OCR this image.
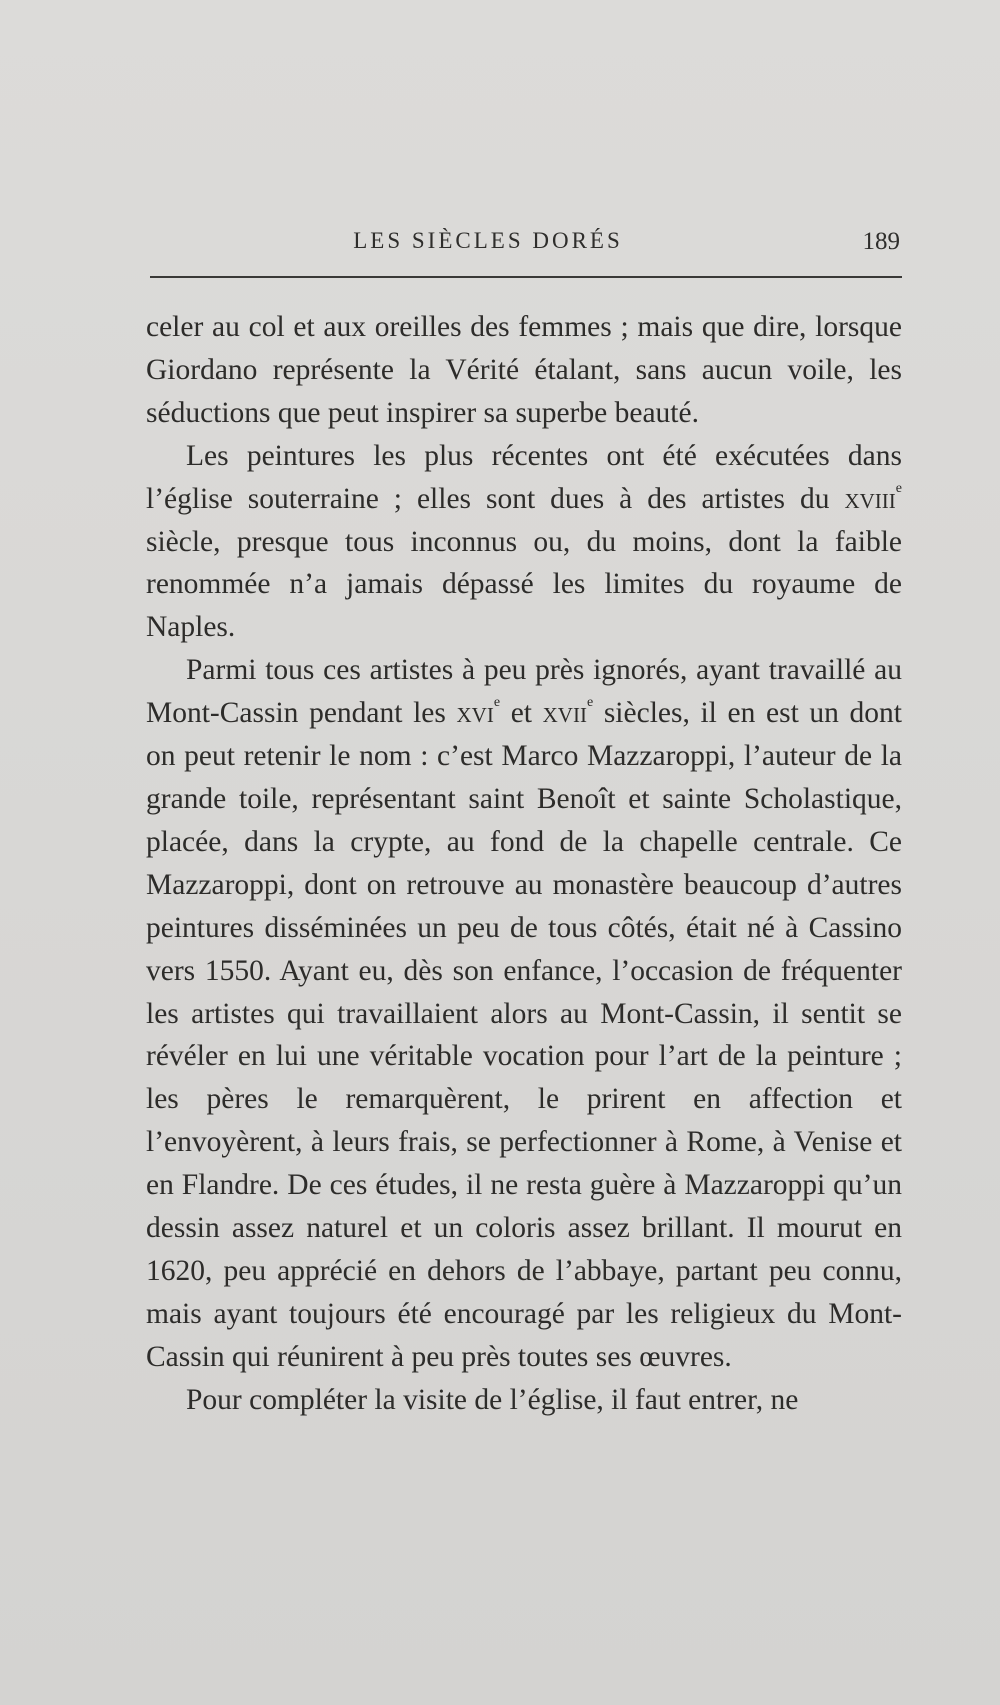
LES SIÈCLES DORÉS	189

celer au col et aux oreilles des femmes ; mais que dire, lorsque Giordano représente la Vérité étalant, sans aucun voile, les séductions que peut inspirer sa superbe beauté.

Les peintures les plus récentes ont été exécutées dans l’église souterraine ; elles sont dues à des artistes du xviii$^e$ siècle, presque tous inconnus ou, du moins, dont la faible renommée n’a jamais dépassé les limites du royaume de Naples.

Parmi tous ces artistes à peu près ignorés, ayant travaillé au Mont-Cassin pendant les xvi$^e$ et xvii$^e$ siècles, il en est un dont on peut retenir le nom : c’est Marco Mazzaroppi, l’auteur de la grande toile, représentant saint Benoît et sainte Scholastique, placée, dans la crypte, au fond de la chapelle centrale. Ce Mazzaroppi, dont on retrouve au monastère beaucoup d’autres peintures disséminées un peu de tous côtés, était né à Cassino vers 1550. Ayant eu, dès son enfance, l’occasion de fréquenter les artistes qui travaillaient alors au Mont-Cassin, il sentit se révéler en lui une véritable vocation pour l’art de la peinture ; les pères le remarquèrent, le prirent en affection et l’envoyèrent, à leurs frais, se perfectionner à Rome, à Venise et en Flandre. De ces études, il ne resta guère à Mazzaroppi qu’un dessin assez naturel et un coloris assez brillant. Il mourut en 1620, peu apprécié en dehors de l’abbaye, partant peu connu, mais ayant toujours été encouragé par les religieux du Mont-Cassin qui réunirent à peu près toutes ses œuvres.

Pour compléter la visite de l’église, il faut entrer, ne
